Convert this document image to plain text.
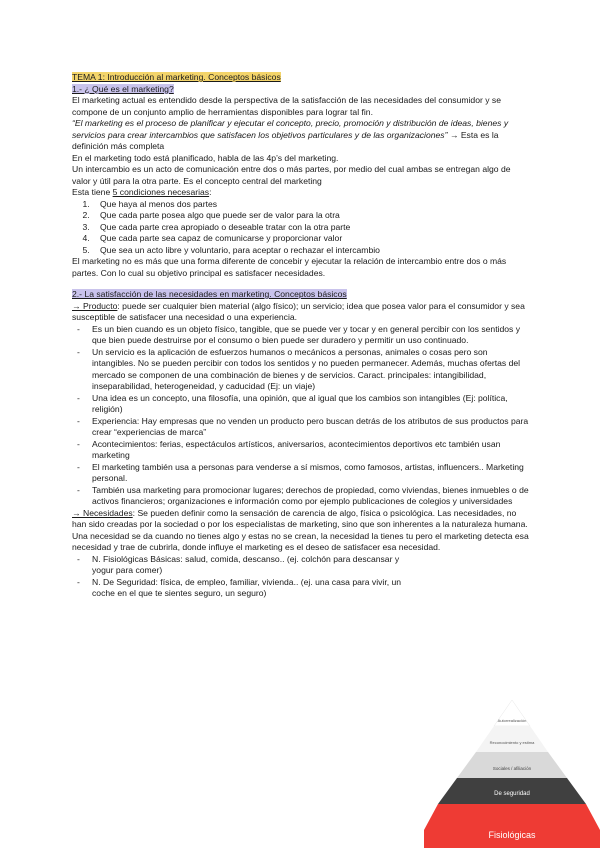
TEMA 1: Introducción al marketing. Conceptos básicos
1.- ¿ Qué es el marketing?

El marketing actual es entendido desde la perspectiva de la satisfacción de las necesidades del consumidor y se compone de un conjunto amplio de herramientas disponibles para lograr tal fin.

“El marketing es el proceso de planificar y ejecutar el concepto, precio, promoción y distribución de ideas, bienes y servicios para crear intercambios que satisfacen los objetivos particulares y de las organizaciones” → Esta es la definición más completa

En el marketing todo está planificado, habla de las 4p’s del marketing.

Un intercambio es un acto de comunicación entre dos o más partes, por medio del cual ambas se entregan algo de valor y útil para la otra parte. Es el concepto central del marketing

Esta tiene 5 condiciones necesarias:

1. Que haya al menos dos partes
2. Que cada parte posea algo que puede ser de valor para la otra
3. Que cada parte crea apropiado o deseable tratar con la otra parte
4. Que cada parte sea capaz de comunicarse y proporcionar valor
5. Que sea un acto libre y voluntario, para aceptar o rechazar el intercambio

El marketing no es más que una forma diferente de concebir y ejecutar la relación de intercambio entre dos o más partes. Con lo cual su objetivo principal es satisfacer necesidades.

2.- La satisfacción de las necesidades en marketing. Conceptos básicos

→ Producto: puede ser cualquier bien material (algo físico); un servicio; idea que posea valor para el consumidor y sea susceptible de satisfacer una necesidad o una experiencia.

- Es un bien cuando es un objeto físico, tangible, que se puede ver y tocar y en general percibir con los sentidos y que bien puede destruirse por el consumo o bien puede ser duradero y permitir un uso continuado.
- Un servicio es la aplicación de esfuerzos humanos o mecánicos a personas, animales o cosas pero son intangibles. No se pueden percibir con todos los sentidos y no pueden permanecer. Además, muchas ofertas del mercado se componen de una combinación de bienes y de servicios. Caract. principales: intangibilidad, inseparabilidad, heterogeneidad, y caducidad (Ej: un viaje)
- Una idea es un concepto, una filosofía, una opinión, que al igual que los cambios son intangibles (Ej: política, religión)
- Experiencia: Hay empresas que no venden un producto pero buscan detrás de los atributos de sus productos para crear “experiencias de marca”
- Acontecimientos: ferias, espectáculos artísticos, aniversarios, acontecimientos deportivos etc también usan marketing
- El marketing también usa a personas para venderse a sí mismos, como famosos, artistas, influencers.. Marketing personal.
- También usa marketing para promocionar lugares; derechos de propiedad, como viviendas, bienes inmuebles o de activos financieros; organizaciones e información como por ejemplo publicaciones de colegios y universidades

→ Necesidades: Se pueden definir como la sensación de carencia de algo, física o psicológica. Las necesidades, no han sido creadas por la sociedad o por los especialistas de marketing, sino que son inherentes a la naturaleza humana. Una necesidad se da cuando no tienes algo y estas no se crean, la necesidad la tienes tu pero el marketing detecta esa necesidad y trae de cubrirla, donde influye el marketing es el deseo de satisfacer esa necesidad.

- N. Fisiológicas Básicas: salud, comida, descanso.. (ej. colchón para descansar y yogur para comer)
- N. De Seguridad: física, de empleo, familiar, vivienda.. (ej. una casa para vivir, un coche en el que te sientes seguro, un seguro)
Autorrealización
Reconocimiento y estima
Sociales / afiliación
De seguridad
Fisiológicas
